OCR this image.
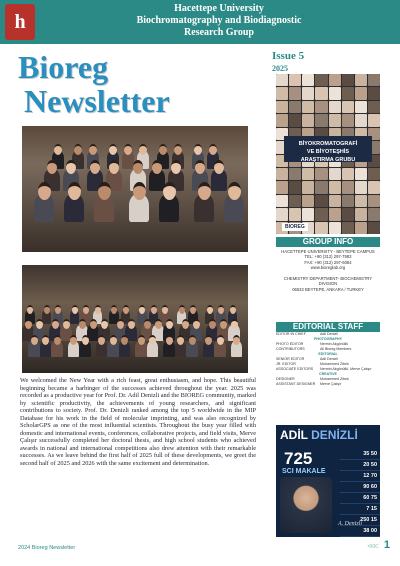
h
Hacettepe University
Biochromatography and Biodiagnostic
Research Group
Bioreg
Newsletter
Issue 5
2025
BİYOKROMATOGRAFİ
VE BİYOTEŞHİS
ARAŞTIRMA GRUBU
BIOREG
GROUP INFO
HACETTEPE UNIVERSITY - BEYTEPE CAMPUS
TEL: +90 (312) 297-7983
FAX: +90 (312) 297-6084
www.bioreglab.org

CHEMISTRY DEPARTMENT- BIOCHEMISTRY DIVISION
06532 BEYTEPE, ANKARA / TURKEY
EDITORIAL STAFF
EDITOR IN CHIEF	Adil Denizli
PHOTOGRAPHY
PHOTO EDITOR	Nermin Akgönüllü
CONTRIBUTORS	All Bioreg Members
EDITORIAL
SENIOR EDITOR	Adil Denizli
JR. EDITOR	Muhammed Zibek
ASSOCIATE EDITORS	Nermin Akgönüllü, Merve Çalışır
CREATIVE
DESIGNER	Muhammed Zibek
ASSISTANT DESIGNER	Merve Çalışır
ADİL DENİZLİ
725
SCI MAKALE
35 50
20 50
12 70
90 60
60 75
7 15
250 15
38 00
A. Denizli
We welcomed the New Year with a rich feast, great enthusiasm, and hope. This beautiful beginning became a harbinger of the successes achieved throughout the year. 2025 was recorded as a productive year for Prof. Dr. Adil Denizli and the BIOREG community, marked by scientific productivity, the achievements of young researchers, and significant contributions to society. Prof. Dr. Denizli ranked among the top 5 worldwide in the MIP Database for his work in the field of molecular imprinting, and was also recognized by ScholarGPS as one of the most influential scientists. Throughout the busy year filled with domestic and international events, conferences, collaborative projects, and field visits, Merve Çalışır successfully completed her doctoral thesis, and high school students who achieved awards in national and international competitions also drew attention with their remarkable successes. As we leave behind the first half of 2025 full of these developments, we greet the second half of 2025 and 2026 with the same excitement and determination.
2024 Bioreg Newsletter	<<< 1
